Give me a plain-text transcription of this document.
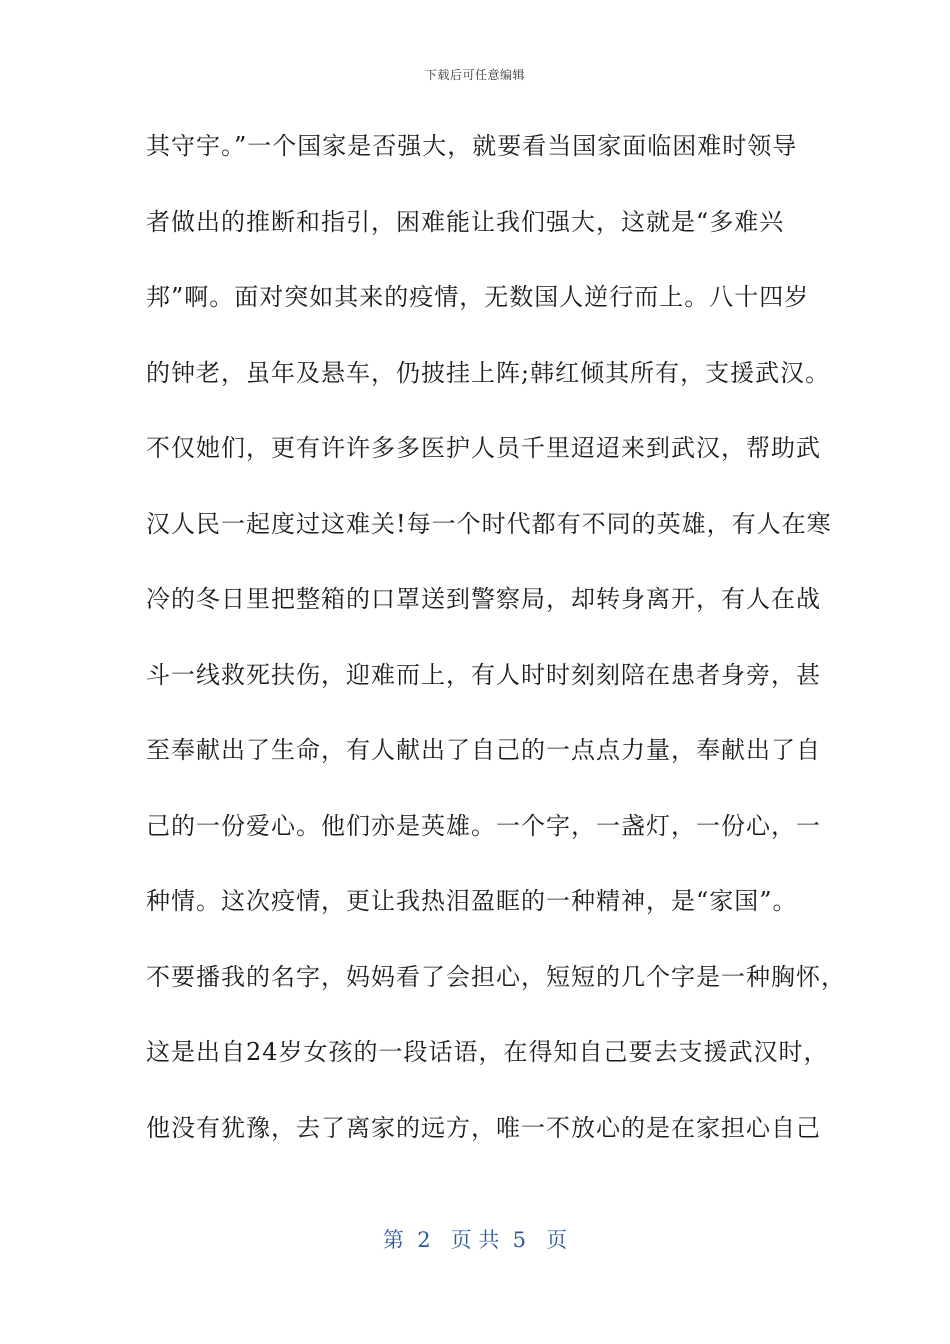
下载后可任意编辑
其守宇。”一个国家是否强大，就要看当国家面临困难时领导
者做出的推断和指引，困难能让我们强大，这就是“多难兴
邦”啊。面对突如其来的疫情，无数国人逆行而上。八十四岁
的钟老，虽年及悬车，仍披挂上阵;韩红倾其所有，支援武汉。
不仅她们，更有许许多多医护人员千里迢迢来到武汉，帮助武
汉人民一起度过这难关!每一个时代都有不同的英雄，有人在寒
冷的冬日里把整箱的口罩送到警察局，却转身离开，有人在战
斗一线救死扶伤，迎难而上，有人时时刻刻陪在患者身旁，甚
至奉献出了生命，有人献出了自己的一点点力量，奉献出了自
己的一份爱心。他们亦是英雄。一个字，一盏灯，一份心，一
种情。这次疫情，更让我热泪盈眶的一种精神，是“家国”。
不要播我的名字，妈妈看了会担心，短短的几个字是一种胸怀，
这是出自24岁女孩的一段话语，在得知自己要去支援武汉时，
他没有犹豫，去了离家的远方，唯一不放心的是在家担心自己
第  2   页 共  5   页
